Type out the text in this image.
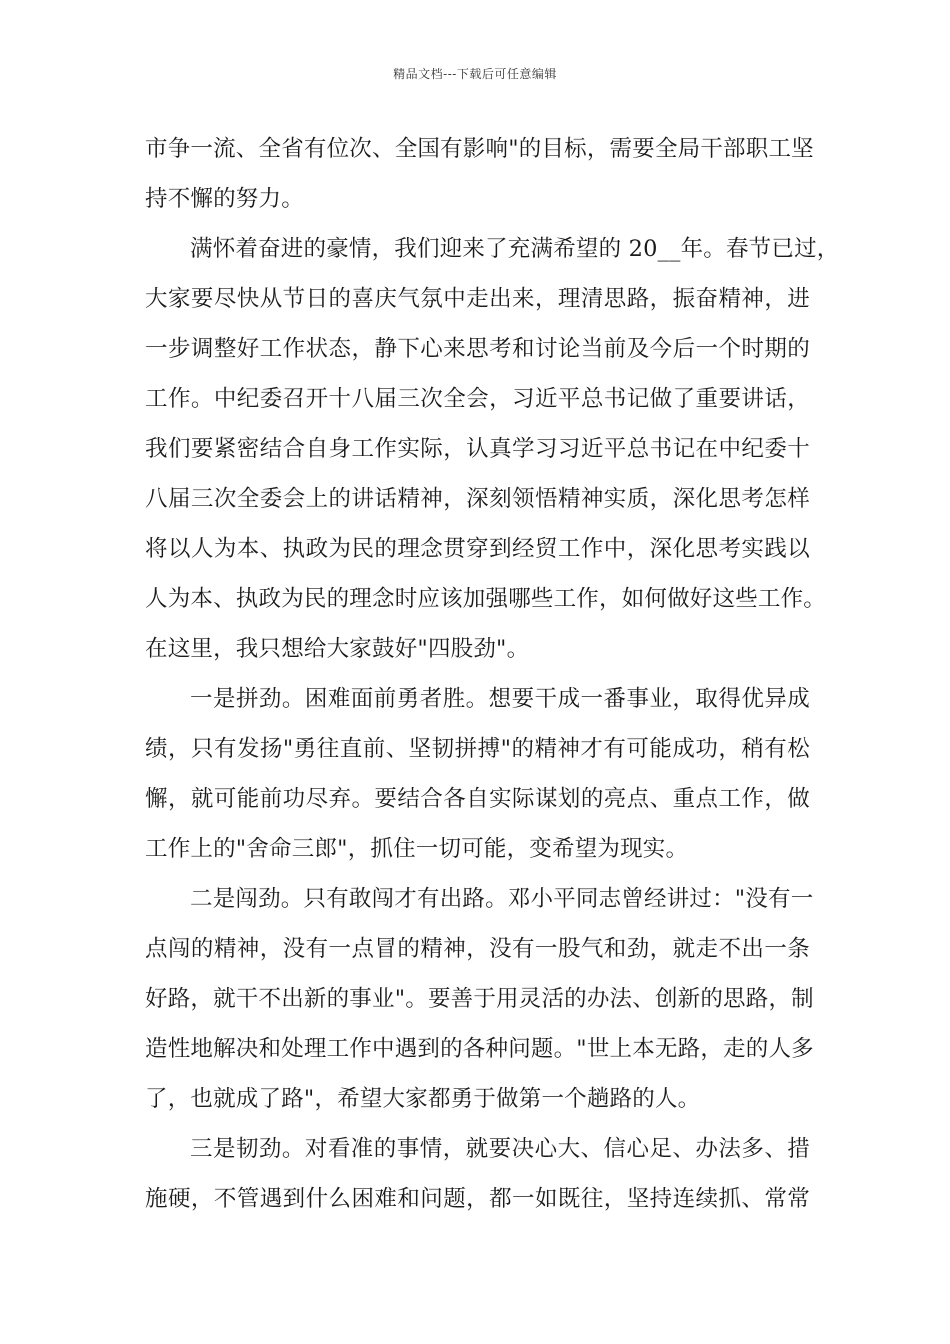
精品文档---下载后可任意编辑
市争一流、全省有位次、全国有影响"的目标，需要全局干部职工坚
持不懈的努力。
满怀着奋进的豪情，我们迎来了充满希望的 20__年。春节已过，
大家要尽快从节日的喜庆气氛中走出来，理清思路，振奋精神，进
一步调整好工作状态，静下心来思考和讨论当前及今后一个时期的
工作。中纪委召开十八届三次全会，习近平总书记做了重要讲话，
我们要紧密结合自身工作实际，认真学习习近平总书记在中纪委十
八届三次全委会上的讲话精神，深刻领悟精神实质，深化思考怎样
将以人为本、执政为民的理念贯穿到经贸工作中，深化思考实践以
人为本、执政为民的理念时应该加强哪些工作，如何做好这些工作。
在这里，我只想给大家鼓好"四股劲"。
一是拼劲。困难面前勇者胜。想要干成一番事业，取得优异成
绩，只有发扬"勇往直前、坚韧拼搏"的精神才有可能成功，稍有松
懈，就可能前功尽弃。要结合各自实际谋划的亮点、重点工作，做
工作上的"舍命三郎"，抓住一切可能，变希望为现实。
二是闯劲。只有敢闯才有出路。邓小平同志曾经讲过："没有一
点闯的精神，没有一点冒的精神，没有一股气和劲，就走不出一条
好路，就干不出新的事业"。要善于用灵活的办法、创新的思路，制
造性地解决和处理工作中遇到的各种问题。"世上本无路，走的人多
了，也就成了路"，希望大家都勇于做第一个趟路的人。
三是韧劲。对看准的事情，就要决心大、信心足、办法多、措
施硬，不管遇到什么困难和问题，都一如既往，坚持连续抓、常常
